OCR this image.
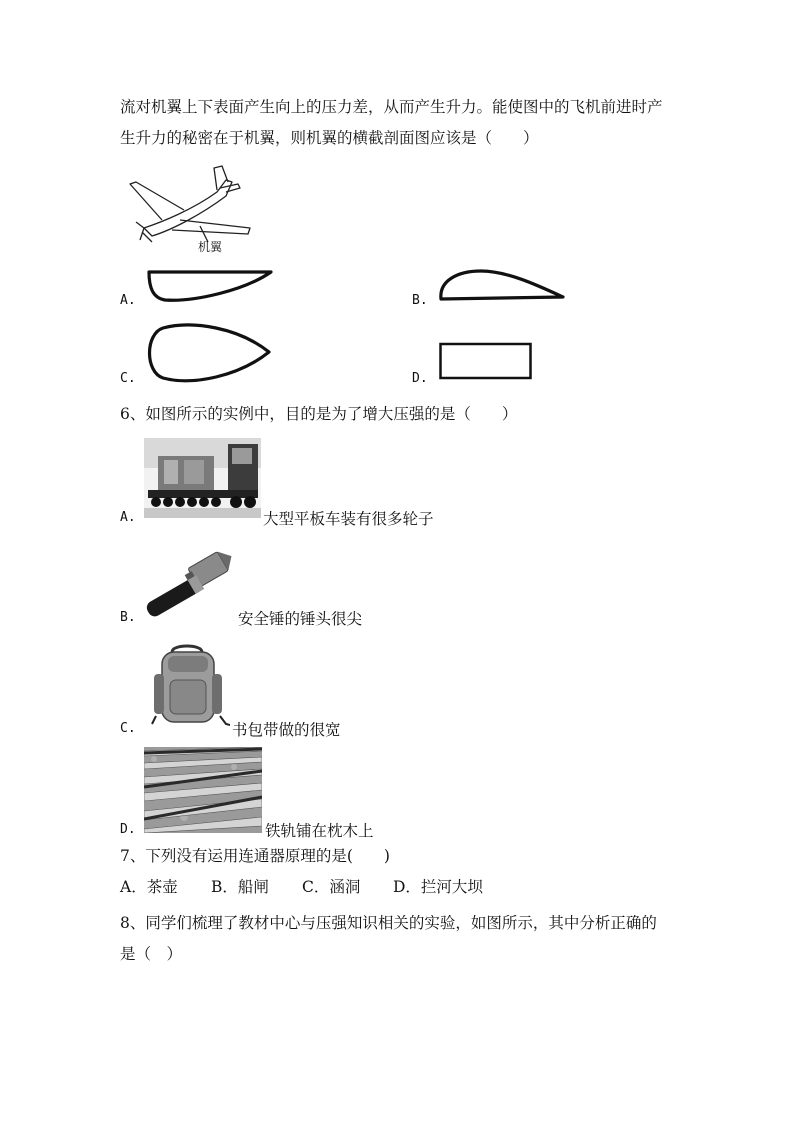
流对机翼上下表面产生向上的压力差，从而产生升力。能使图中的飞机前进时产
生升力的秘密在于机翼，则机翼的横截剖面图应该是（　　）
机翼
A.	B.
C.	D.
6、如图所示的实例中，目的是为了增大压强的是（　　）
A.	大型平板车装有很多轮子
B.	安全锤的锤头很尖
C.	书包带做的很宽
D.	铁轨铺在枕木上
7、下列没有运用连通器原理的是(　　)
A．茶壶 B．船闸 C．涵洞 D．拦河大坝
8、同学们梳理了教材中心与压强知识相关的实验，如图所示，其中分析正确的
是（　）
